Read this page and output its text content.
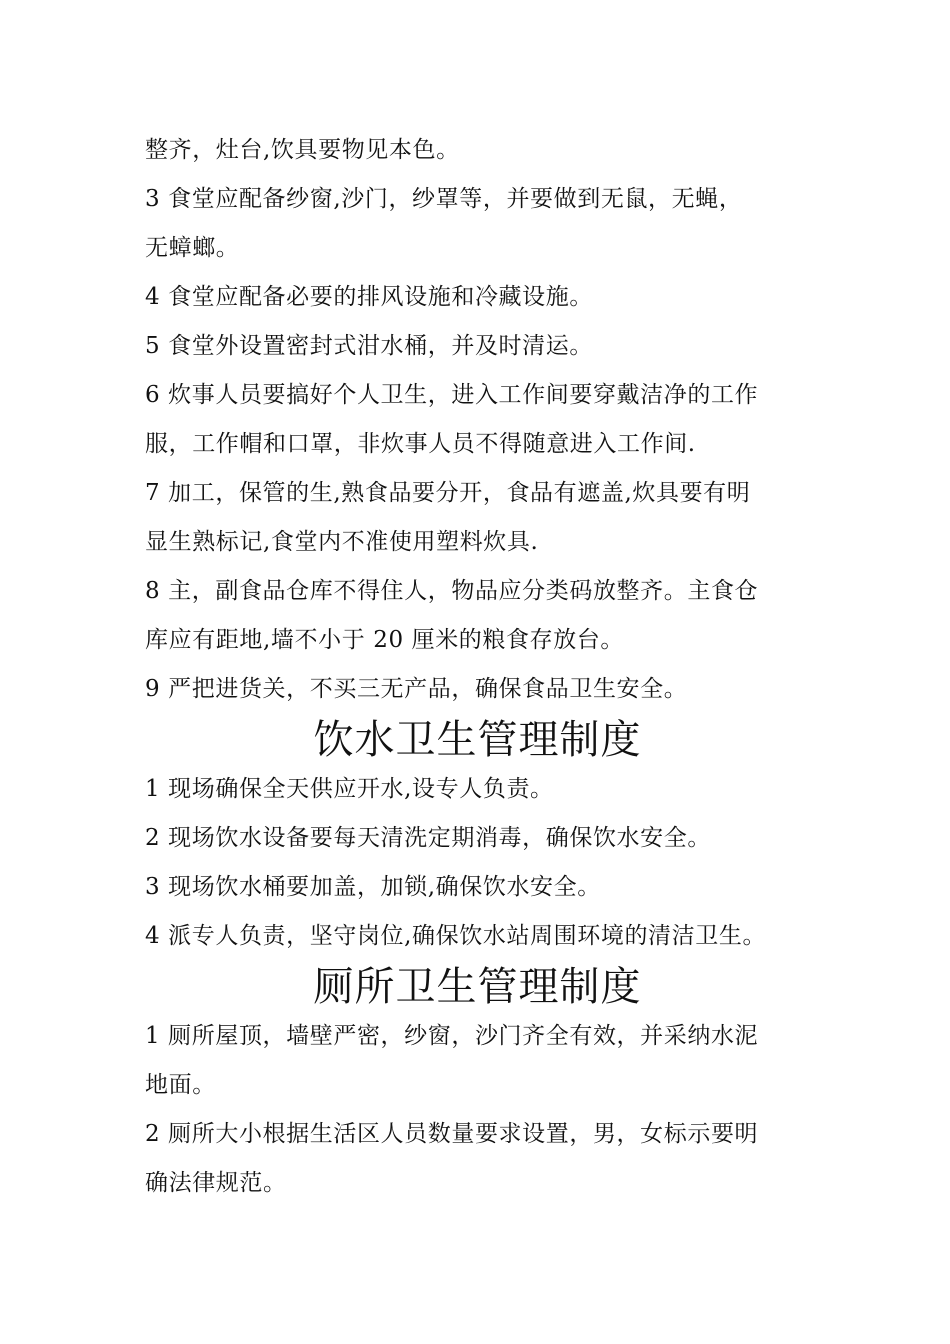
整齐，灶台,饮具要物见本色。
3 食堂应配备纱窗,沙门，纱罩等，并要做到无鼠，无蝇，
无蟑螂。
4 食堂应配备必要的排风设施和冷藏设施。
5 食堂外设置密封式泔水桶，并及时清运。
6 炊事人员要搞好个人卫生，进入工作间要穿戴洁净的工作
服，工作帽和口罩，非炊事人员不得随意进入工作间.
7 加工，保管的生,熟食品要分开，食品有遮盖,炊具要有明
显生熟标记,食堂内不准使用塑料炊具.
8 主，副食品仓库不得住人，物品应分类码放整齐。主食仓
库应有距地,墙不小于 20 厘米的粮食存放台。
9 严把进货关，不买三无产品，确保食品卫生安全。
饮水卫生管理制度
1 现场确保全天供应开水,设专人负责。
2 现场饮水设备要每天清洗定期消毒，确保饮水安全。
3 现场饮水桶要加盖，加锁,确保饮水安全。
4 派专人负责，坚守岗位,确保饮水站周围环境的清洁卫生。
厕所卫生管理制度
1 厕所屋顶，墙壁严密，纱窗，沙门齐全有效，并采纳水泥
地面。
2 厕所大小根据生活区人员数量要求设置，男，女标示要明
确法律规范。
